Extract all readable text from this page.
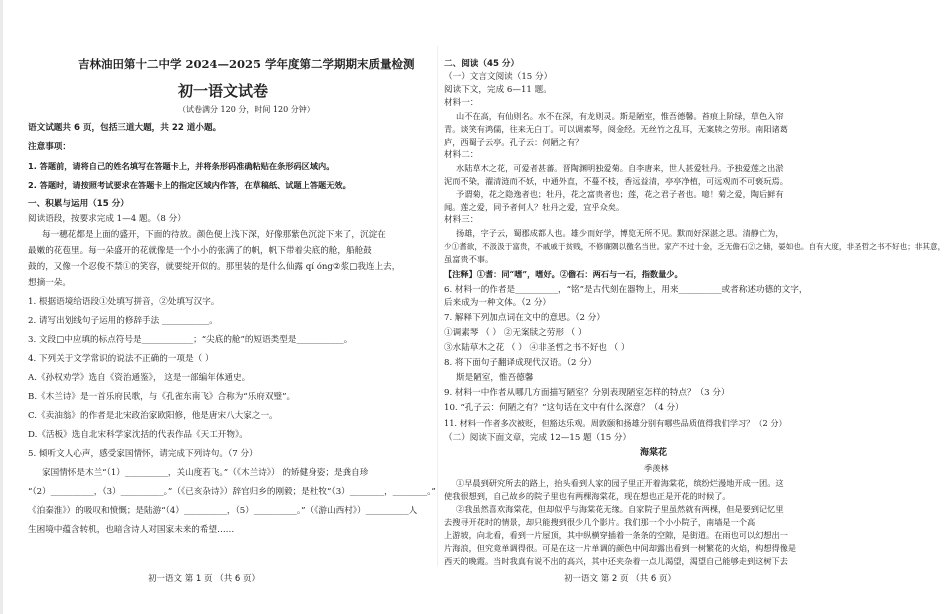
吉林油田第十二中学 2024—2025 学年度第二学期期末质量检测
初一语文试卷
（试卷满分 120 分，时间 120 分钟）
语文试题共 6 页，包括三道大题，共 22 道小题。
注意事项：
1. 答题前，请将自己的姓名填写在答题卡上，并将条形码准确粘贴在条形码区域内。
2. 答题时，请按照考试要求在答题卡上的指定区域内作答，在草稿纸、试题上答题无效。
一、积累与运用（15 分）
阅读语段，按要求完成 1—4 题。（8 分）
每一穗花都是上面的盛开，下面的待放。颜色便上浅下深，好像那紫色沉淀下来了，沉淀在
最嫩的花苞里。每一朵盛开的花就像是一个小小的张满了的帆，帆下带着尖底的舱，船舱鼓
鼓的，又像一个忍俊不禁①的笑容，就要绽开似的。那里装的是什么仙露 qí óng②浆□我连上去，
想摘一朵。
1. 根据语境给语段①处填写拼音，②处填写汉字。
2. 请写出划线句子运用的修辞手法 ___________。
3. 文段□中应填的标点符号是____________；“尖底的舱”的短语类型是___________。
4. 下列关于文学常识的说法不正确的一项是（ ）
A.《孙权劝学》选自《资治通鉴》， 这是一部编年体通史。
B.《木兰诗》是一首乐府民歌，与《孔雀东南飞》合称为“乐府双璧”。
C.《卖油翁》的作者是北宋政治家欧阳修，他是唐宋八大家之一。
D.《活板》选自北宋科学家沈括的代表作品《天工开物》。
5. 倾听文人心声，感受家国情怀，请完成下列诗句。（7 分）
家国情怀是木兰“（1）__________，关山度若飞。”（《木兰诗》） 的矫健身姿；是龚自珍
“（2）__________，（3）__________。”（《已亥杂诗》）辞官归乡的刚毅；是杜牧“（3）________，________。”
《泊秦淮》）的吸叹和愤慨；是陆游“（4）__________，（5）__________。”（《游山西村》）__________人
生困境中蕴含转机，也暗含诗人对国家未来的希望……
初一语文 第 1 页 （共 6 页）
二、阅读（45 分）
（一）文言文阅读（15 分）
阅读下文，完成 6—11 题。
材料一：
山不在高，有仙则名。水不在深，有龙则灵。斯是陋室，惟吾德馨。苔痕上阶绿，草色入帘
青。谈笑有鸿儒，往来无白丁。可以调素琴，阅金经。无丝竹之乱耳，无案牍之劳形。南阳诸葛
庐，西蜀子云亭。孔子云：何陋之有？
材料二：
水陆草木之花，可爱者甚蕃。晋陶渊明独爱菊。自李唐来，世人甚爱牡丹。予独爱莲之出淤
泥而不染，濯清涟而不妖，中通外直，不蔓不枝，香远益清，亭亭净植，可远观而不可亵玩焉。
予谓菊，花之隐逸者也；牡丹，花之富贵者也；莲，花之君子者也。噫！菊之爱，陶后鲜有
闻。莲之爱，同予者何人？牡丹之爱，宜乎众矣。
材料三：
扬雄，字子云，蜀郡成都人也。雄少而好学，博览无所不见。默而好深湛之思。清静亡为，
少①耆欲，不汲汲于富贵，不戚戚于贫贱，不修廉隅以徼名当世。家产不过十金，乏无儋石②之储，晏如也。自有大度，非圣哲之书不好也；非其意，
虽富贵不事。
【注释】①耆：同“嗜”，嗜好。②儋石：两石与一石，指数量少。
6. 材料一的作者是__________，“铭”是古代刻在器物上，用来__________或者称述功德的文字，
后来成为一种文体。（2 分）
7. 解释下列加点词在文中的意思。（2 分）
①调素琴 （ ） ②无案牍之劳形 （ ）
③水陆草木之花 （ ） ④非圣哲之书不好也 （ ）
8. 将下面句子翻译成现代汉语。（2 分）
斯是陋室，惟吾德馨
9. 材料一中作者从哪几方面描写陋室？分别表现陋室怎样的特点？（3 分）
10. “孔子云：何陋之有？”这句话在文中有什么深意？（4 分）
11. 材料一作者多次被贬，但豁达乐观。周敦颐和扬雄分别有哪些品质值得我们学习？（2 分）
（二）阅读下面文章，完成 12—15 题（15 分）
海棠花
季羡林
①早晨到研究所去的路上，抬头看到人家的园子里正开着海棠花，缤纷烂漫地开成一团。这
使我很想到，自己故乡的院子里也有两棵海棠花，现在想也正是开花的时候了。
②我虽然喜欢海棠花，但却似乎与海棠花无缘。自家院子里虽然就有两棵，但是要到记忆里
去搜寻开花时的情景，却只能搜到很少几个影片。我们那一个小小院子，南墙是一个高
上游坡，向北看，看到一片屋顶，其中纵横穿插着一条条的空隙，是街道。在雨也可以幻想出一
片海浪，但究竟单调得很。可是在这一片单调的颜色中间却露出看到一树繁花的火焰，构想得像是
西天的晚霞。当时我真有说不出的高兴，其中还夹杂着一点儿渴望，渴望自己能够走到这树下去
初一语文 第 2 页 （共 6 页）
